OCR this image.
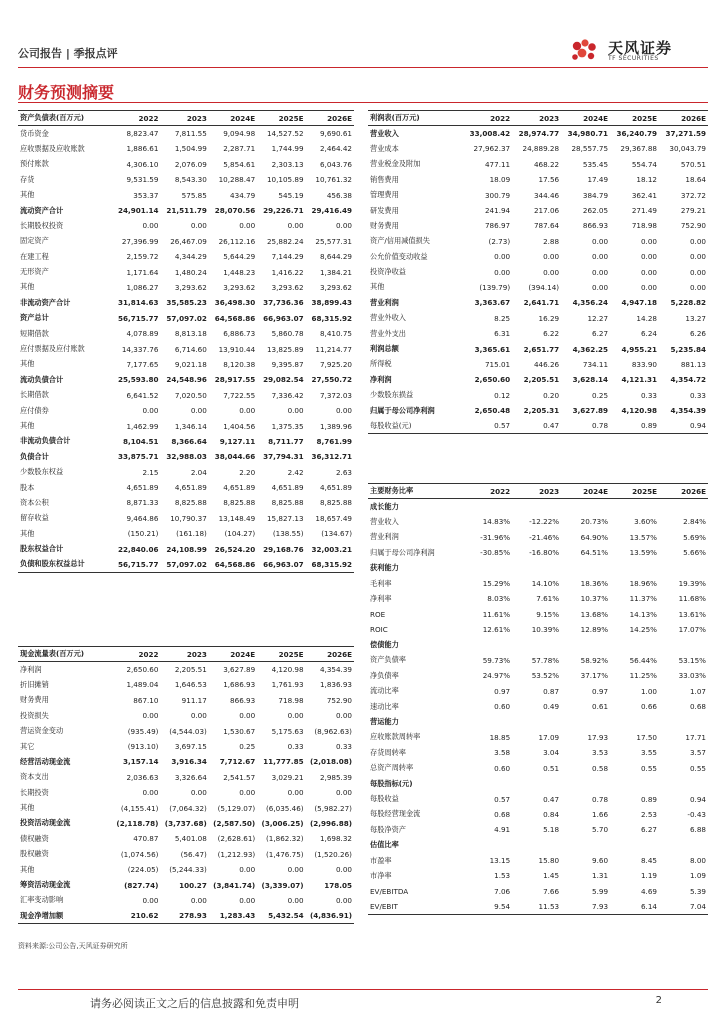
公司报告 | 季报点评	天风证券
TF SECURITIES
财务预测摘要
资产负债表(百万元)	2022	2023	2024E	2025E	2026E
货币资金	8,823.47	7,811.55	9,094.98	14,527.52	9,690.61
应收票据及应收账款	1,886.61	1,504.99	2,287.71	1,744.99	2,464.42
预付账款	4,306.10	2,076.09	5,854.61	2,303.13	6,043.76
存货	9,531.59	8,543.30	10,288.47	10,105.89	10,761.32
其他	353.37	575.85	434.79	545.19	456.38
流动资产合计	24,901.14	21,511.79	28,070.56	29,226.71	29,416.49
长期股权投资	0.00	0.00	0.00	0.00	0.00
固定资产	27,396.99	26,467.09	26,112.16	25,882.24	25,577.31
在建工程	2,159.72	4,344.29	5,644.29	7,144.29	8,644.29
无形资产	1,171.64	1,480.24	1,448.23	1,416.22	1,384.21
其他	1,086.27	3,293.62	3,293.62	3,293.62	3,293.62
非流动资产合计	31,814.63	35,585.23	36,498.30	37,736.36	38,899.43
资产总计	56,715.77	57,097.02	64,568.86	66,963.07	68,315.92
短期借款	4,078.89	8,813.18	6,886.73	5,860.78	8,410.75
应付票据及应付账款	14,337.76	6,714.60	13,910.44	13,825.89	11,214.77
其他	7,177.65	9,021.18	8,120.38	9,395.87	7,925.20
流动负债合计	25,593.80	24,548.96	28,917.55	29,082.54	27,550.72
长期借款	6,641.52	7,020.50	7,722.55	7,336.42	7,372.03
应付债券	0.00	0.00	0.00	0.00	0.00
其他	1,462.99	1,346.14	1,404.56	1,375.35	1,389.96
非流动负债合计	8,104.51	8,366.64	9,127.11	8,711.77	8,761.99
负债合计	33,875.71	32,988.03	38,044.66	37,794.31	36,312.71
少数股东权益	2.15	2.04	2.20	2.42	2.63
股本	4,651.89	4,651.89	4,651.89	4,651.89	4,651.89
资本公积	8,871.33	8,825.88	8,825.88	8,825.88	8,825.88
留存收益	9,464.86	10,790.37	13,148.49	15,827.13	18,657.49
其他	(150.21)	(161.18)	(104.27)	(138.55)	(134.67)
股东权益合计	22,840.06	24,108.99	26,524.20	29,168.76	32,003.21
负债和股东权益总计	56,715.77	57,097.02	64,568.86	66,963.07	68,315.92
利润表(百万元)	2022	2023	2024E	2025E	2026E
营业收入	33,008.42	28,974.77	34,980.71	36,240.79	37,271.59
营业成本	27,962.37	24,889.28	28,557.75	29,367.88	30,043.79
营业税金及附加	477.11	468.22	535.45	554.74	570.51
销售费用	18.09	17.56	17.49	18.12	18.64
管理费用	300.79	344.46	384.79	362.41	372.72
研发费用	241.94	217.06	262.05	271.49	279.21
财务费用	786.97	787.64	866.93	718.98	752.90
资产/信用减值损失	(2.73)	2.88	0.00	0.00	0.00
公允价值变动收益	0.00	0.00	0.00	0.00	0.00
投资净收益	0.00	0.00	0.00	0.00	0.00
其他	(139.79)	(394.14)	0.00	0.00	0.00
营业利润	3,363.67	2,641.71	4,356.24	4,947.18	5,228.82
营业外收入	8.25	16.29	12.27	14.28	13.27
营业外支出	6.31	6.22	6.27	6.24	6.26
利润总额	3,365.61	2,651.77	4,362.25	4,955.21	5,235.84
所得税	715.01	446.26	734.11	833.90	881.13
净利润	2,650.60	2,205.51	3,628.14	4,121.31	4,354.72
少数股东损益	0.12	0.20	0.25	0.33	0.33
归属于母公司净利润	2,650.48	2,205.31	3,627.89	4,120.98	4,354.39
每股收益(元)	0.57	0.47	0.78	0.89	0.94
现金流量表(百万元)	2022	2023	2024E	2025E	2026E
净利润	2,650.60	2,205.51	3,627.89	4,120.98	4,354.39
折旧摊销	1,489.04	1,646.53	1,686.93	1,761.93	1,836.93
财务费用	867.10	911.17	866.93	718.98	752.90
投资损失	0.00	0.00	0.00	0.00	0.00
营运资金变动	(935.49)	(4,544.03)	1,530.67	5,175.63	(8,962.63)
其它	(913.10)	3,697.15	0.25	0.33	0.33
经营活动现金流	3,157.14	3,916.34	7,712.67	11,777.85	(2,018.08)
资本支出	2,036.63	3,326.64	2,541.57	3,029.21	2,985.39
长期投资	0.00	0.00	0.00	0.00	0.00
其他	(4,155.41)	(7,064.32)	(5,129.07)	(6,035.46)	(5,982.27)
投资活动现金流	(2,118.78)	(3,737.68)	(2,587.50)	(3,006.25)	(2,996.88)
债权融资	470.87	5,401.08	(2,628.61)	(1,862.32)	1,698.32
股权融资	(1,074.56)	(56.47)	(1,212.93)	(1,476.75)	(1,520.26)
其他	(224.05)	(5,244.33)	0.00	0.00	0.00
筹资活动现金流	(827.74)	100.27	(3,841.74)	(3,339.07)	178.05
汇率变动影响	0.00	0.00	0.00	0.00	0.00
现金净增加额	210.62	278.93	1,283.43	5,432.54	(4,836.91)
主要财务比率	2022	2023	2024E	2025E	2026E
成长能力					
营业收入	14.83%	-12.22%	20.73%	3.60%	2.84%
营业利润	-31.96%	-21.46%	64.90%	13.57%	5.69%
归属于母公司净利润	-30.85%	-16.80%	64.51%	13.59%	5.66%
获利能力					
毛利率	15.29%	14.10%	18.36%	18.96%	19.39%
净利率	8.03%	7.61%	10.37%	11.37%	11.68%
ROE	11.61%	9.15%	13.68%	14.13%	13.61%
ROIC	12.61%	10.39%	12.89%	14.25%	17.07%
偿债能力					
资产负债率	59.73%	57.78%	58.92%	56.44%	53.15%
净负债率	24.97%	53.52%	37.17%	11.25%	33.03%
流动比率	0.97	0.87	0.97	1.00	1.07
速动比率	0.60	0.49	0.61	0.66	0.68
营运能力					
应收账款周转率	18.85	17.09	17.93	17.50	17.71
存货周转率	3.58	3.04	3.53	3.55	3.57
总资产周转率	0.60	0.51	0.58	0.55	0.55
每股指标(元)					
每股收益	0.57	0.47	0.78	0.89	0.94
每股经营现金流	0.68	0.84	1.66	2.53	-0.43
每股净资产	4.91	5.18	5.70	6.27	6.88
估值比率					
市盈率	13.15	15.80	9.60	8.45	8.00
市净率	1.53	1.45	1.31	1.19	1.09
EV/EBITDA	7.06	7.66	5.99	4.69	5.39
EV/EBIT	9.54	11.53	7.93	6.14	7.04
资料来源:公司公告,天风证券研究所
请务必阅读正文之后的信息披露和免责申明	2
